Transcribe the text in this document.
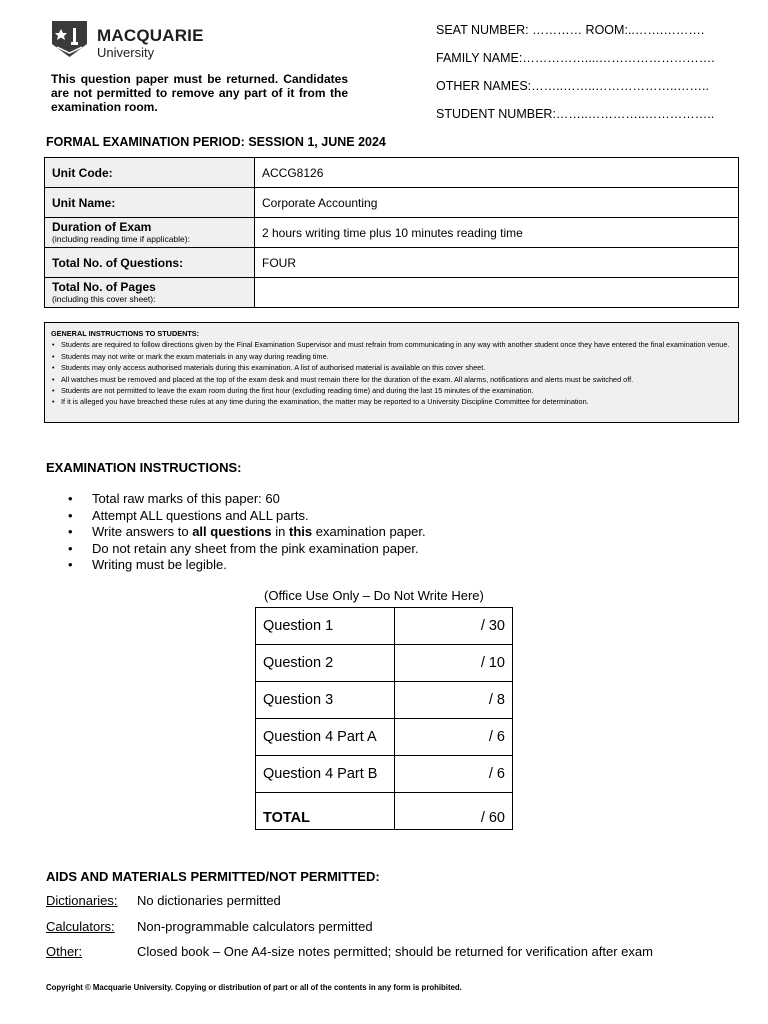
MACQUARIE
University
This question paper must be returned. Candidates are not permitted to remove any part of it from the examination room.
SEAT NUMBER: ………… ROOM:..…….……….
FAMILY NAME:……………....……………………….
OTHER NAMES:……..……..………………..……..
STUDENT NUMBER:……..…………..……………..
FORMAL EXAMINATION PERIOD: SESSION 1, JUNE 2024
Unit Code:	ACCG8126
Unit Name:	Corporate Accounting

Duration of Exam
(including reading time if applicable):	2 hours writing time plus 10 minutes reading time
Total No. of Questions:	FOUR

Total No. of Pages
(including this cover sheet):	

GENERAL INSTRUCTIONS TO STUDENTS:
• Students are required to follow directions given by the Final Examination Supervisor and must refrain from communicating in any way with another student once they have entered the final examination venue.
• Students may not write or mark the exam materials in any way during reading time.
• Students may only access authorised materials during this examination. A list of authorised material is available on this cover sheet.
• All watches must be removed and placed at the top of the exam desk and must remain there for the duration of the exam. All alarms, notifications and alerts must be switched off.
• Students are not permitted to leave the exam room during the first hour (excluding reading time) and during the last 15 minutes of the examination.
• If it is alleged you have breached these rules at any time during the examination, the matter may be reported to a University Discipline Committee for determination.
EXAMINATION INSTRUCTIONS:
• Total raw marks of this paper: 60
• Attempt ALL questions and ALL parts.
• Write answers to all questions in this examination paper.
• Do not retain any sheet from the pink examination paper.
• Writing must be legible.
(Office Use Only – Do Not Write Here)
Question 1	/ 30
Question 2	/ 10
Question 3	/ 8
Question 4 Part A	/ 6
Question 4 Part B	/ 6
TOTAL	/ 60
AIDS AND MATERIALS PERMITTED/NOT PERMITTED:
Dictionaries: No dictionaries permitted
Calculators: Non-programmable calculators permitted
Other:	Closed book – One A4-size notes permitted; should be returned for verification after exam
Copyright © Macquarie University. Copying or distribution of part or all of the contents in any form is prohibited.
